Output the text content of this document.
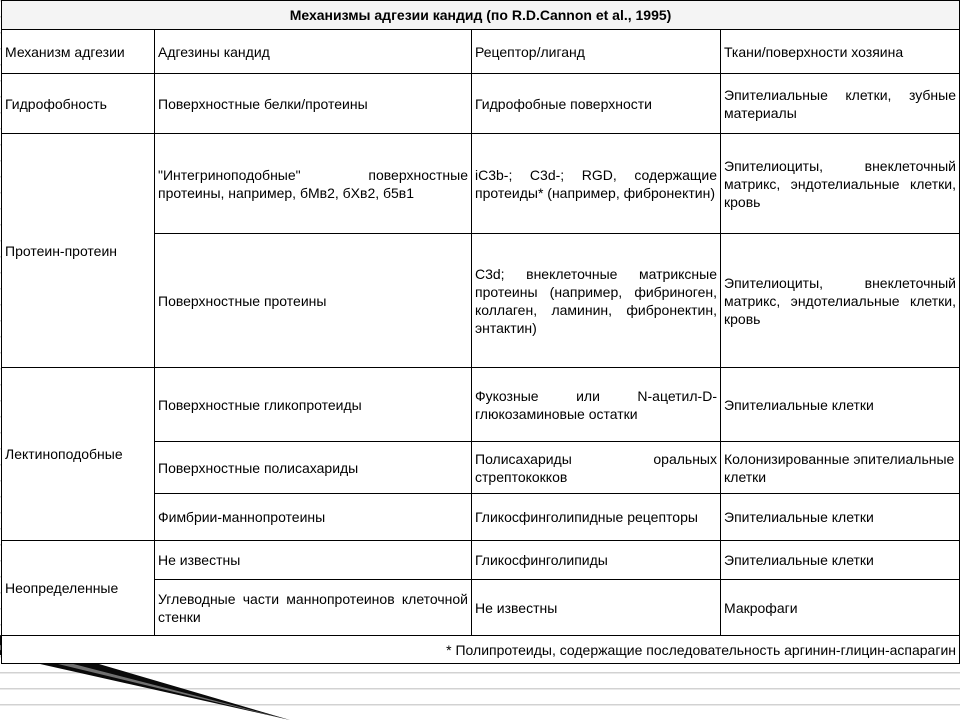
Механизмы адгезии кандид (по R.D.Cannon et al., 1995)			
Механизм адгезии	Адгезины кандид	Рецептор/лиганд	Ткани/поверхности хозяина
Гидрофобность	Поверхностные белки/протеины	Гидрофобные поверхности	Эпителиальные клетки, зубные материалы
Протеин-протеин	"Интегриноподобные" поверхностные протеины, например, бМв2, бХв2, б5в1	iC3b-; C3d-; RGD, содержащие протеиды* (например, фибронектин)	Эпителиоциты, внеклеточный матрикс, эндотелиальные клетки, кровь
	Поверхностные протеины	C3d; внеклеточные матриксные протеины (например, фибриноген, коллаген, ламинин, фибронектин, энтактин)	Эпителиоциты, внеклеточный матрикс, эндотелиальные клетки, кровь
Лектиноподобные	Поверхностные гликопротеиды	Фукозные или N-ацетил-D-глюкозаминовые остатки	Эпителиальные клетки
	Поверхностные полисахариды	Полисахариды оральных стрептококков	Колонизированные эпителиальные клетки
	Фимбрии-маннопротеины	Гликосфинголипидные рецепторы	Эпителиальные клетки
Неопределенные	Не известны	Гликосфинголипиды	Эпителиальные клетки
	Углеводные части маннопротеинов клеточной стенки	Не известны	Макрофаги
* Полипротеиды, содержащие последовательность аргинин-глицин-аспарагин			
